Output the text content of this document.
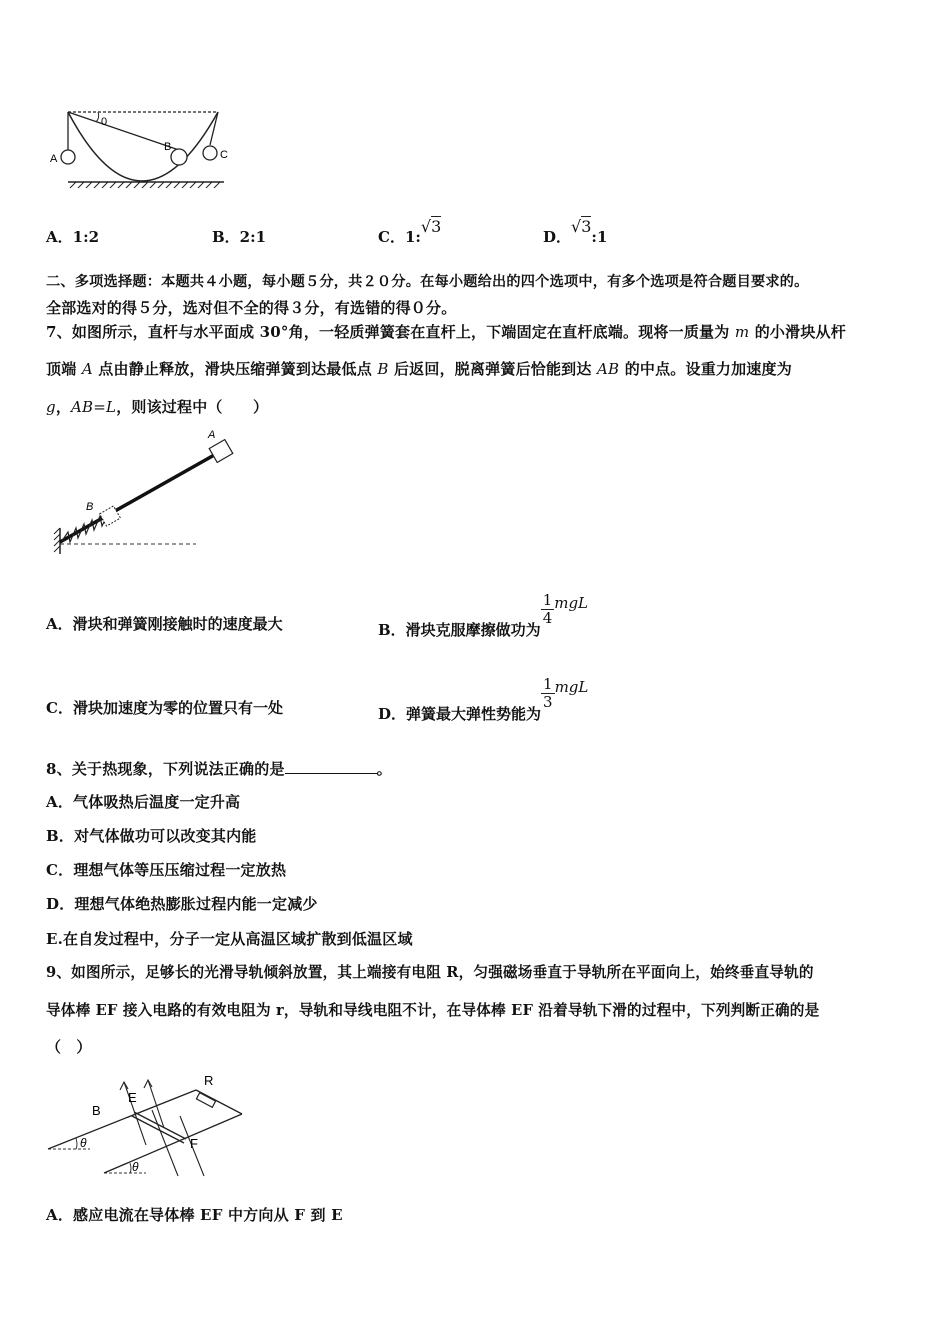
0
A
B
C
A．1:2	B．2:1	C．1:√3
D．√3:1
二、多项选择题：本题共４小题，每小题５分，共２０分。在每小题给出的四个选项中，有多个选项是符合题目要求的。
全部选对的得５分，选对但不全的得３分，有选错的得０分。
7、如图所示，直杆与水平面成 30°角，一轻质弹簧套在直杆上，下端固定在直杆底端。现将一质量为 m 的小滑块从杆
顶端 A 点由静止释放，滑块压缩弹簧到达最低点 B 后返回，脱离弹簧后恰能到达 AB 的中点。设重力加速度为
g，AB=L，则该过程中（　　）
A
B
A．滑块和弹簧刚接触时的速度最大	B．滑块克服摩擦做功为
$\frac{1}{4}$ mgL
C．滑块加速度为零的位置只有一处	D．弹簧最大弹性势能为
$\frac{1}{3}$ mgL
8、关于热现象，下列说法正确的是	。
A．气体吸热后温度一定升高
B．对气体做功可以改变其内能
C．理想气体等压压缩过程一定放热
D．理想气体绝热膨胀过程内能一定减少
E.在自发过程中，分子一定从高温区域扩散到低温区域
9、如图所示，足够长的光滑导轨倾斜放置，其上端接有电阻 R，匀强磁场垂直于导轨所在平面向上，始终垂直导轨的
导体棒 EF 接入电路的有效电阻为 r，导轨和导线电阻不计，在导体棒 EF 沿着导轨下滑的过程中，下列判断正确的是
（　）
B
E
R
F
θ
θ
A．感应电流在导体棒 EF 中方向从 F 到 E
